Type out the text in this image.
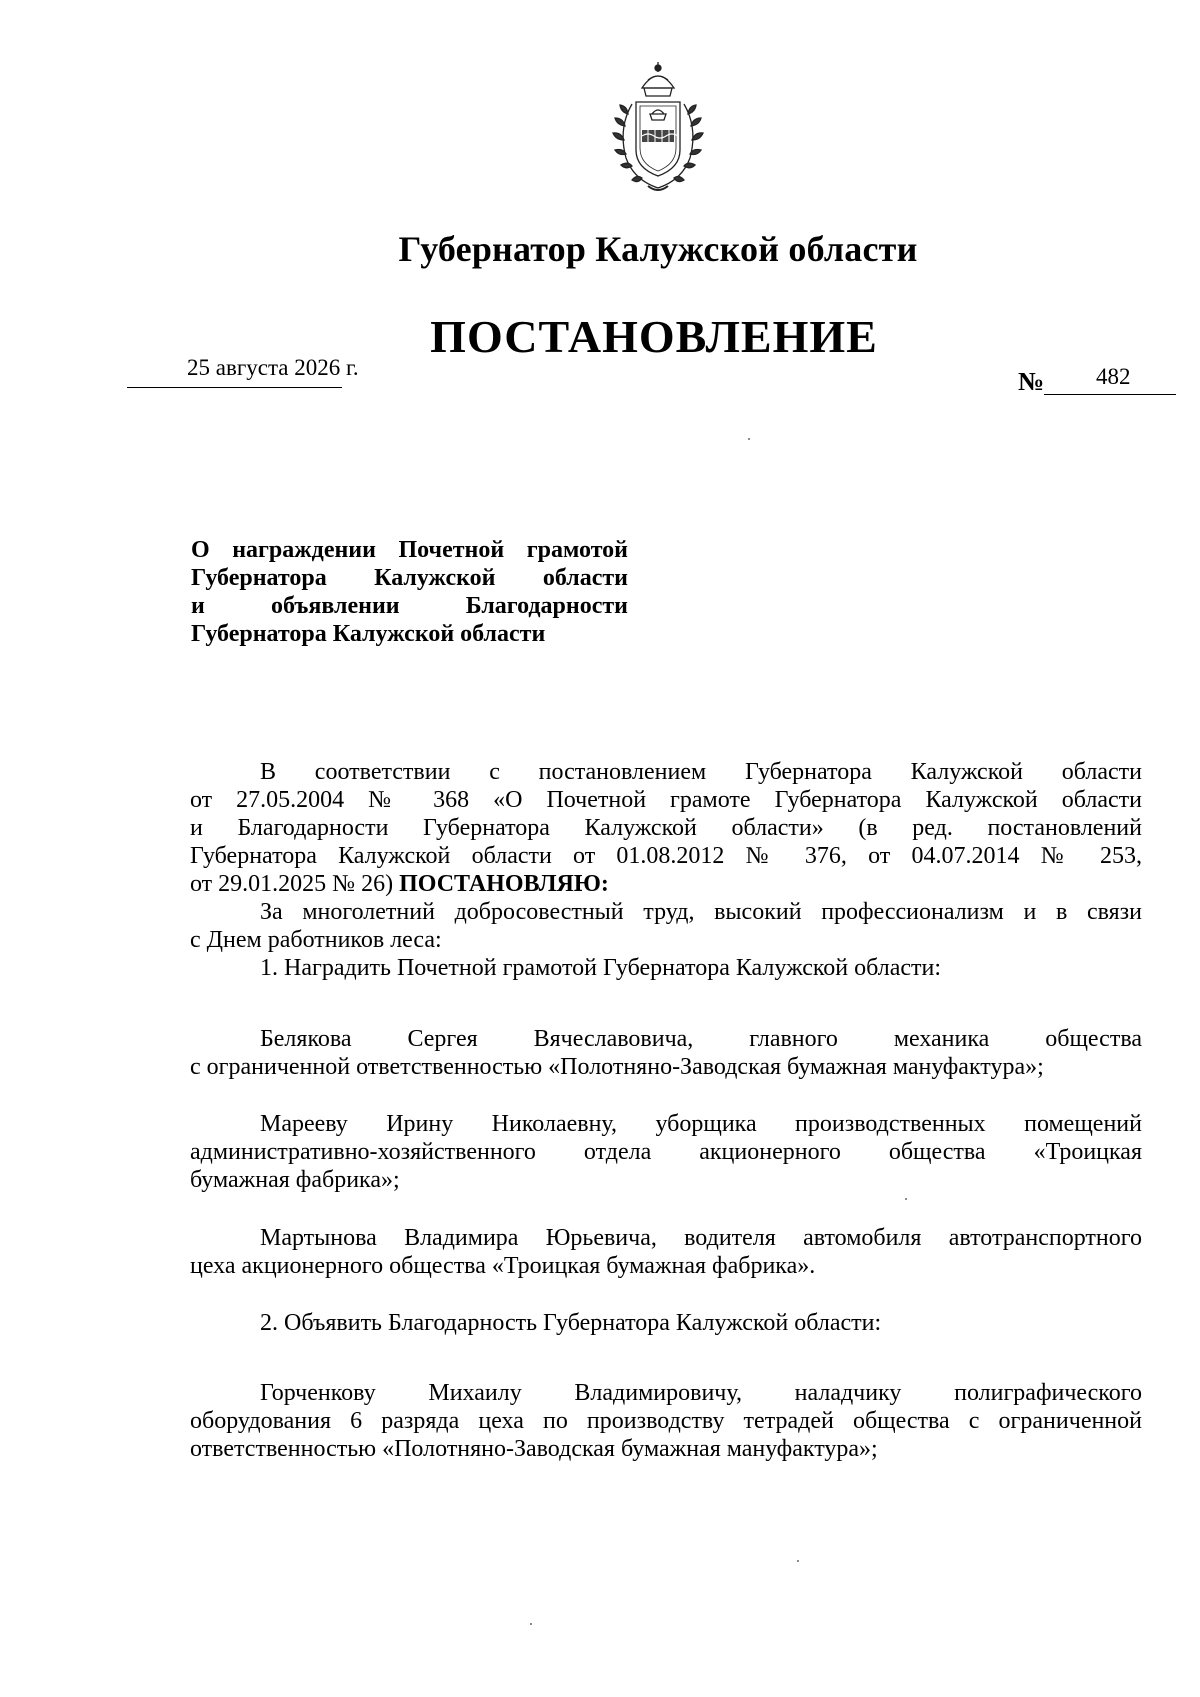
Губернатор Калужской области
ПОСТАНОВЛЕНИЕ
25 августа 2026 г.	№ 482
О награждении Почетной грамотой
Губернатора Калужской области
и объявлении Благодарности
Губернатора Калужской области
В соответствии с постановлением Губернатора Калужской области
от 27.05.2004 № 368 «О Почетной грамоте Губернатора Калужской области
и Благодарности Губернатора Калужской области» (в ред. постановлений
Губернатора Калужской области от 01.08.2012 № 376, от 04.07.2014 № 253,
от 29.01.2025 № 26) ПОСТАНОВЛЯЮ:
За многолетний добросовестный труд, высокий профессионализм и в связи
с Днем работников леса:
1. Наградить Почетной грамотой Губернатора Калужской области:
Белякова Сергея Вячеславовича, главного механика общества
с ограниченной ответственностью «Полотняно-Заводская бумажная мануфактура»;
Марееву Ирину Николаевну, уборщика производственных помещений
административно-хозяйственного отдела акционерного общества «Троицкая
бумажная фабрика»;
Мартынова Владимира Юрьевича, водителя автомобиля автотранспортного
цеха акционерного общества «Троицкая бумажная фабрика».
2. Объявить Благодарность Губернатора Калужской области:
Горченкову Михаилу Владимировичу, наладчику полиграфического
оборудования 6 разряда цеха по производству тетрадей общества с ограниченной
ответственностью «Полотняно-Заводская бумажная мануфактура»;
